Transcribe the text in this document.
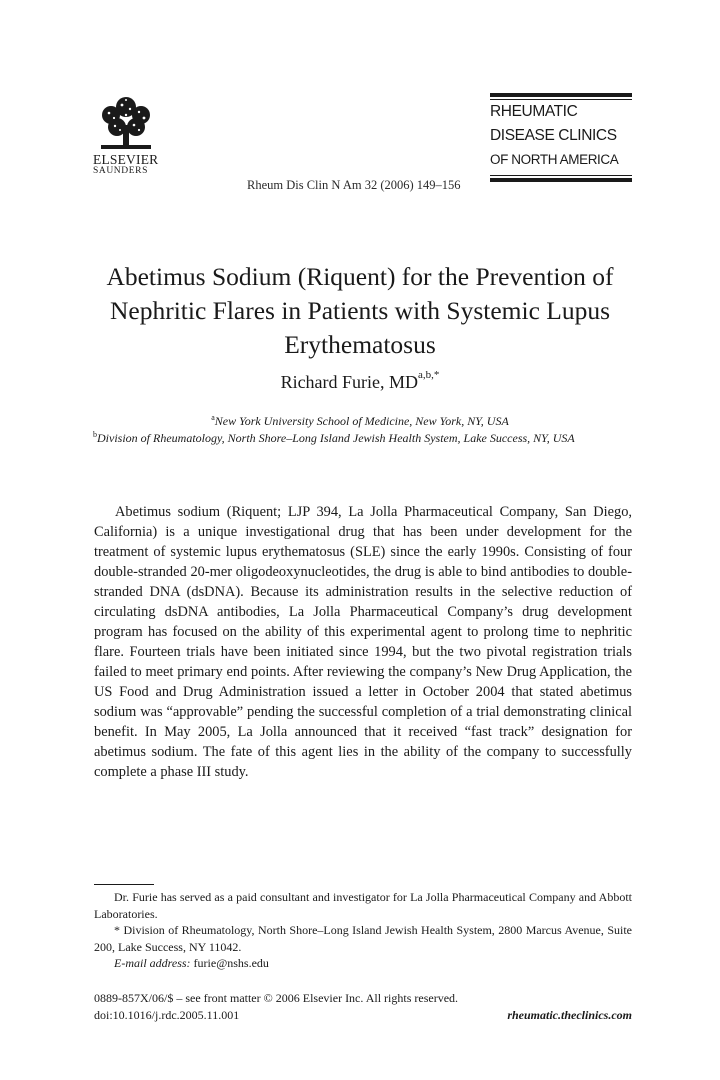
ELSEVIER
SAUNDERS
Rheum Dis Clin N Am 32 (2006) 149–156
RHEUMATIC
DISEASE CLINICS
OF NORTH AMERICA
Abetimus Sodium (Riquent) for the Prevention of Nephritic Flares in Patients with Systemic Lupus Erythematosus
Richard Furie, $MD^{a,b,*}$
$^a$New York University School of Medicine, New York, NY, USA
$^b$Division of Rheumatology, North Shore–Long Island Jewish Health System, Lake Success, NY, USA

Abetimus sodium (Riquent; LJP 394, La Jolla Pharmaceutical Company, San Diego, California) is a unique investigational drug that has been under development for the treatment of systemic lupus erythematosus (SLE) since the early 1990s. Consisting of four double-stranded 20-mer oligodeoxynucleotides, the drug is able to bind antibodies to double-stranded DNA (dsDNA). Because its administration results in the selective reduction of circulating dsDNA antibodies, La Jolla Pharmaceutical Company’s drug development program has focused on the ability of this experimental agent to prolong time to nephritic flare. Fourteen trials have been initiated since 1994, but the two pivotal registration trials failed to meet primary end points. After reviewing the company’s New Drug Application, the US Food and Drug Administration issued a letter in October 2004 that stated abetimus sodium was “approvable” pending the successful completion of a trial demonstrating clinical benefit. In May 2005, La Jolla announced that it received “fast track” designation for abetimus sodium. The fate of this agent lies in the ability of the company to successfully complete a phase III study.

Dr. Furie has served as a paid consultant and investigator for La Jolla Pharmaceutical Company and Abbott Laboratories.

* Division of Rheumatology, North Shore–Long Island Jewish Health System, 2800 Marcus Avenue, Suite 200, Lake Success, NY 11042.

E-mail address: furie@nshs.edu

0889-857X/06/$ – see front matter © 2006 Elsevier Inc. All rights reserved.
doi:10.1016/j.rdc.2005.11.001	rheumatic.theclinics.com
